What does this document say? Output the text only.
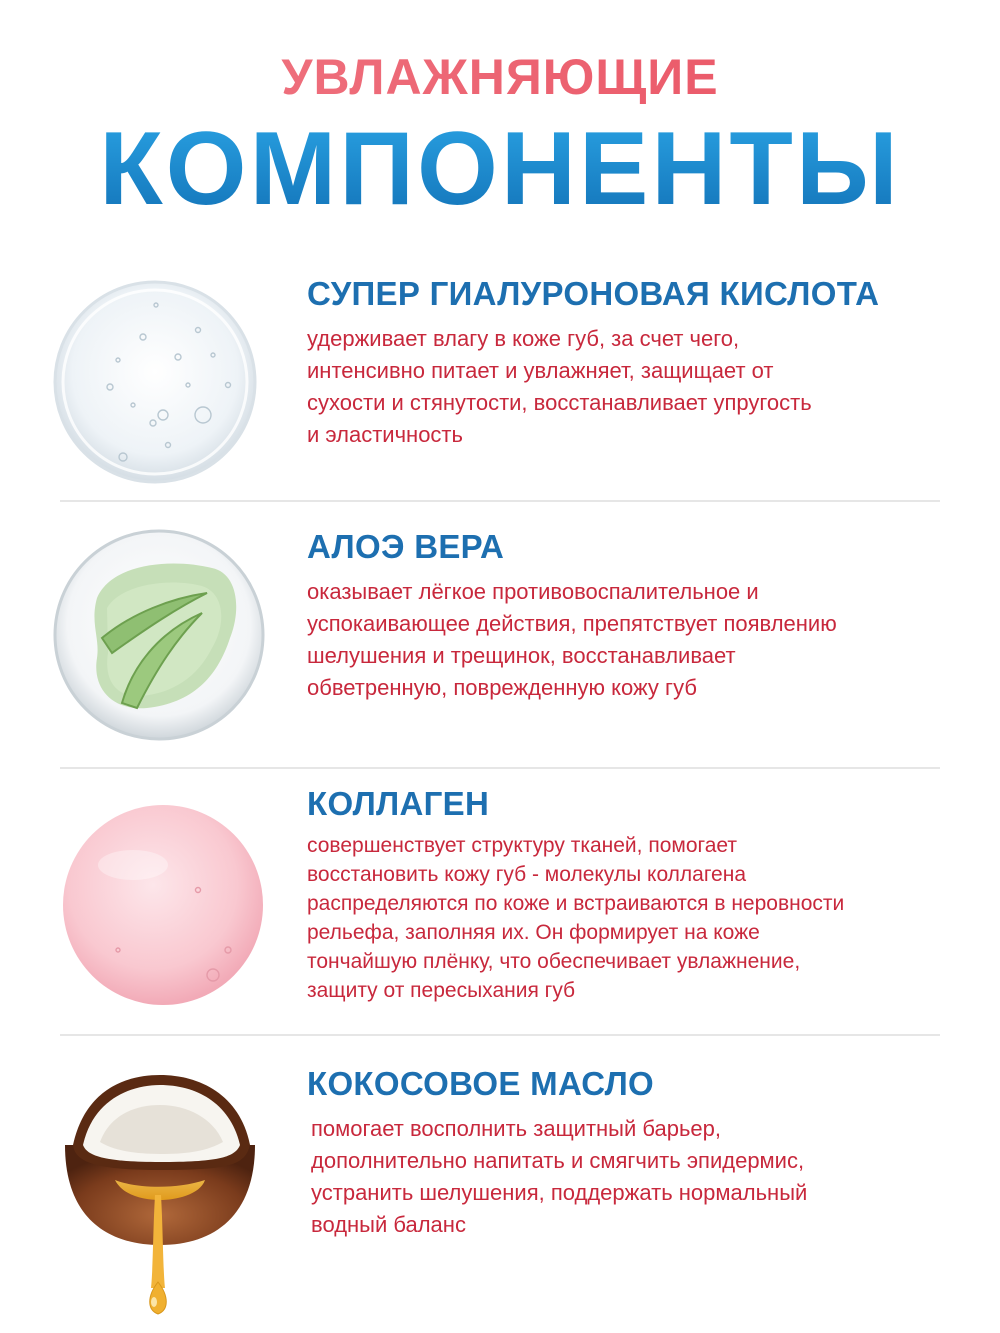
УВЛАЖНЯЮЩИЕ
КОМПОНЕНТЫ
СУПЕР ГИАЛУРОНОВАЯ КИСЛОТА

удерживает влагу в коже губ, за счет чего,
интенсивно питает и увлажняет, защищает от
сухости и стянутости, восстанавливает упругость
и эластичность

АЛОЭ ВЕРА

оказывает лёгкое противовоспалительное и
успокаивающее действия, препятствует появлению
шелушения и трещинок, восстанавливает
обветренную, поврежденную кожу губ

КОЛЛАГЕН

совершенствует структуру тканей, помогает
восстановить кожу губ - молекулы коллагена
распределяются по коже и встраиваются в неровности
рельефа, заполняя их. Он формирует на коже
тончайшую плёнку, что обеспечивает увлажнение,
защиту от пересыхания губ

КОКОСОВОЕ МАСЛО

помогает восполнить защитный барьер,
дополнительно напитать и смягчить эпидермис,
устранить шелушения, поддержать нормальный
водный баланс
